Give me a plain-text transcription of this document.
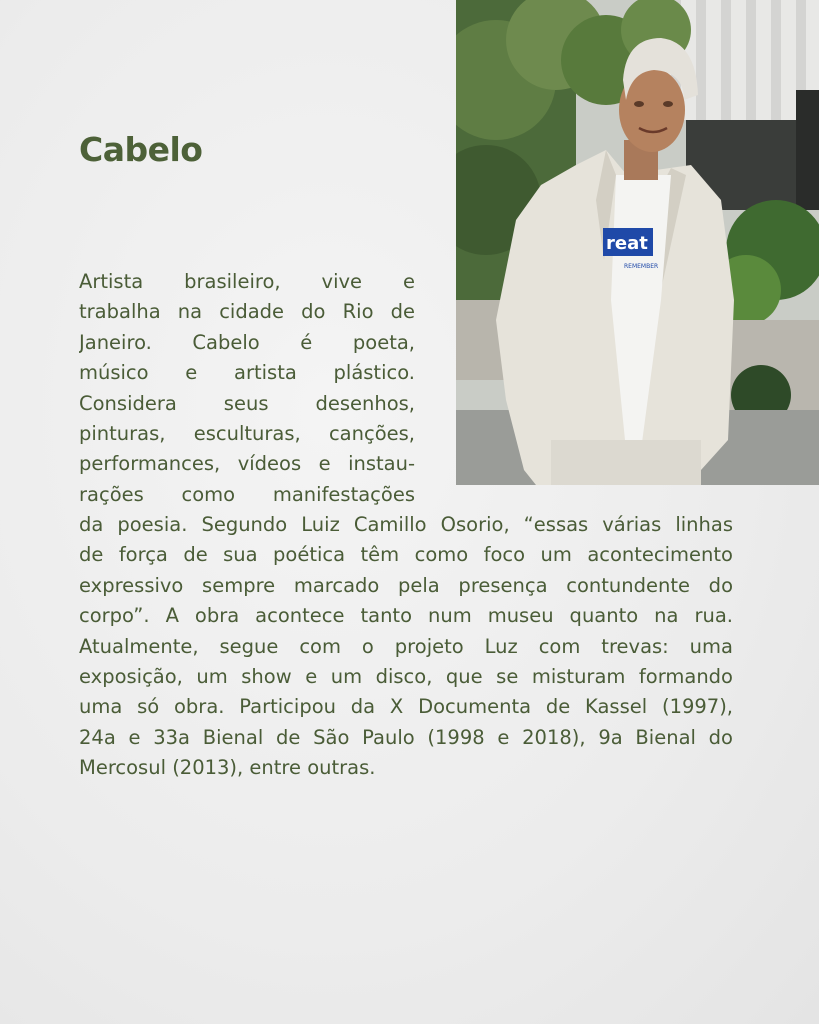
Cabelo
reat
REMEMBER
Artista brasileiro, vive e
trabalha na cidade do Rio de
Janeiro. Cabelo é poeta,
músico e artista plástico.
Considera seus desenhos,
pinturas, esculturas, canções,
performances, vídeos e instau-
rações como manifestações
da poesia. Segundo Luiz Camillo Osorio, “essas várias linhas
de força de sua poética têm como foco um acontecimento
expressivo sempre marcado pela presença contundente do
corpo”. A obra acontece tanto num museu quanto na rua.
Atualmente, segue com o projeto Luz com trevas: uma
exposição, um show e um disco, que se misturam formando
uma só obra. Participou da X Documenta de Kassel (1997),
24a e 33a Bienal de São Paulo (1998 e 2018), 9a Bienal do
Mercosul (2013), entre outras.
